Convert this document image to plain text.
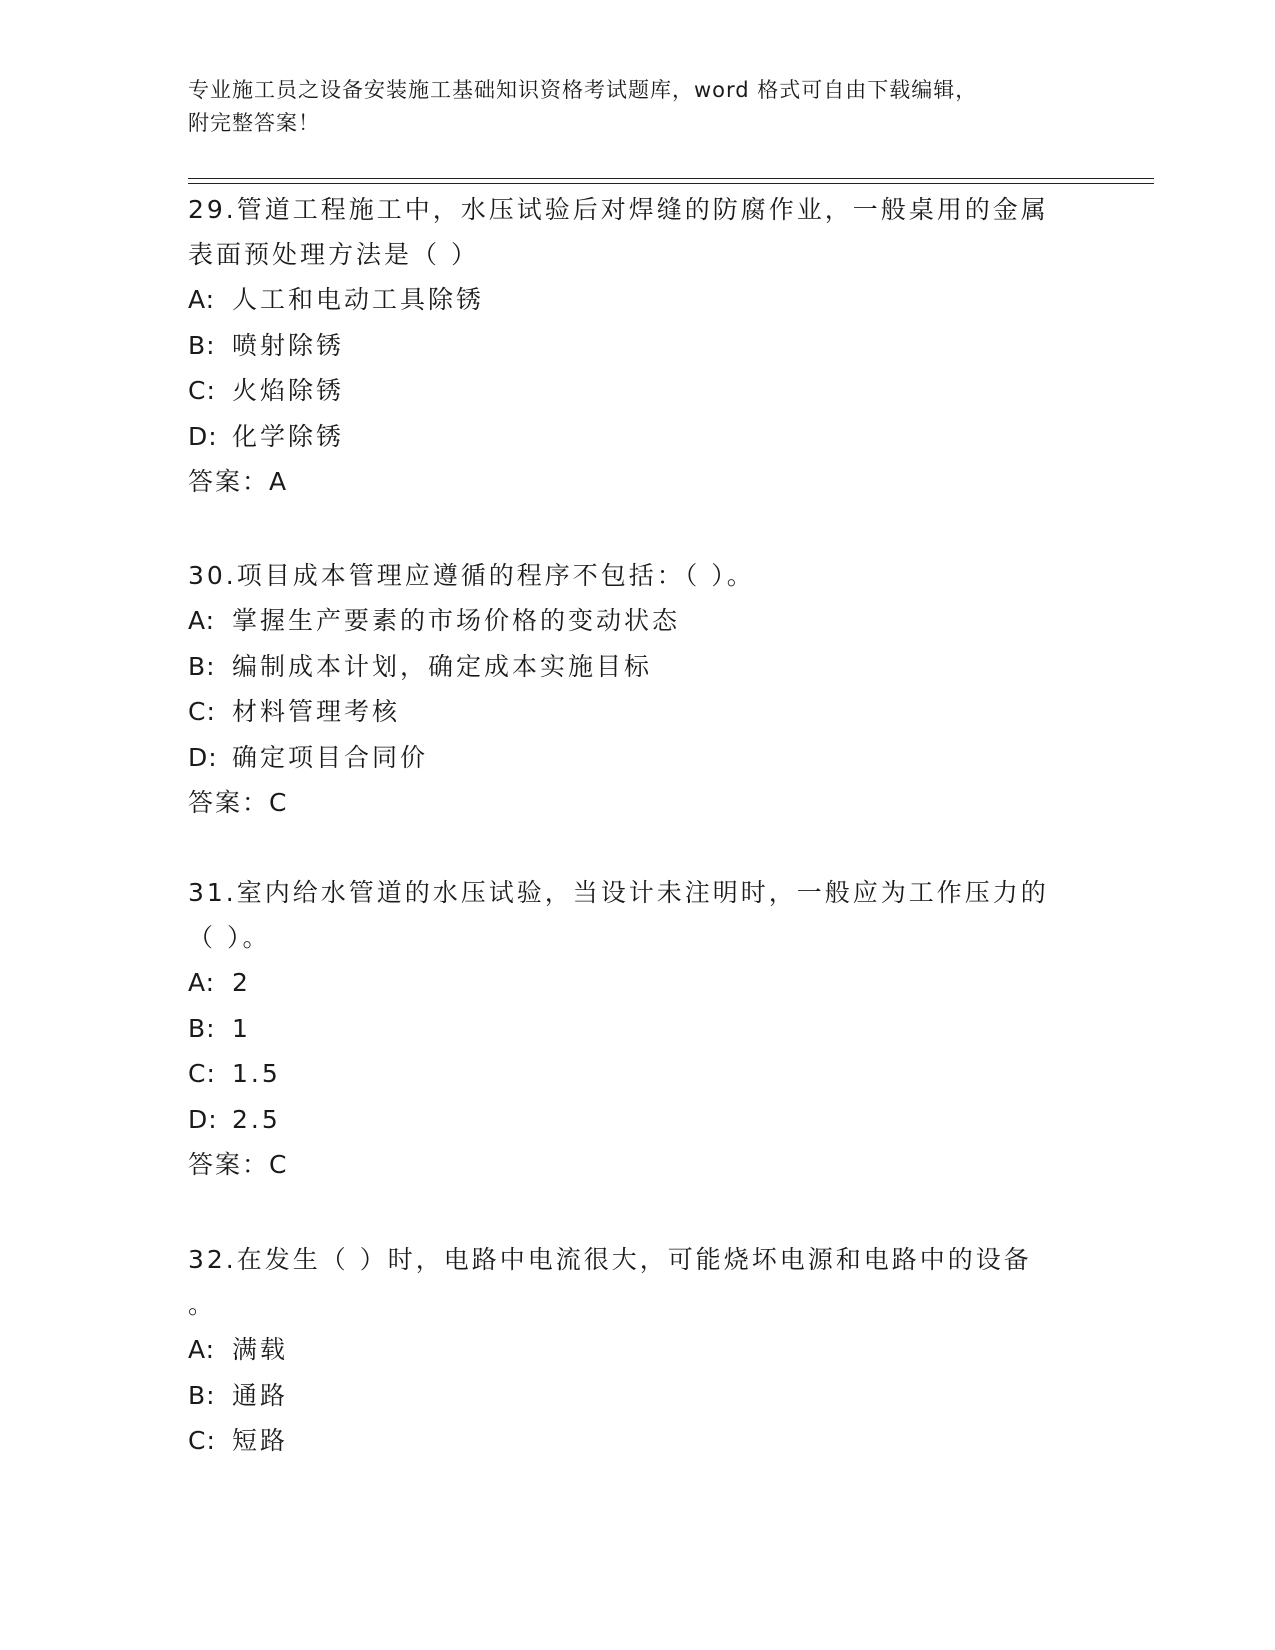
专业施工员之设备安装施工基础知识资格考试题库，word 格式可自由下载编辑，
附完整答案！
29.管道工程施工中，水压试验后对焊缝的防腐作业，一般桌用的金属
表面预处理方法是（ ）
A: 人工和电动工具除锈
B: 喷射除锈
C: 火焰除锈
D: 化学除锈
答案：A
30.项目成本管理应遵循的程序不包括：（ ）。
A: 掌握生产要素的市场价格的变动状态
B: 编制成本计划，确定成本实施目标
C: 材料管理考核
D: 确定项目合同价
答案：C
31.室内给水管道的水压试验，当设计未注明时，一般应为工作压力的
（ ）。
A: 2
B: 1
C: 1.5
D: 2.5
答案：C
32.在发生（ ）时，电路中电流很大，可能烧坏电源和电路中的设备
。
A: 满载
B: 通路
C: 短路
